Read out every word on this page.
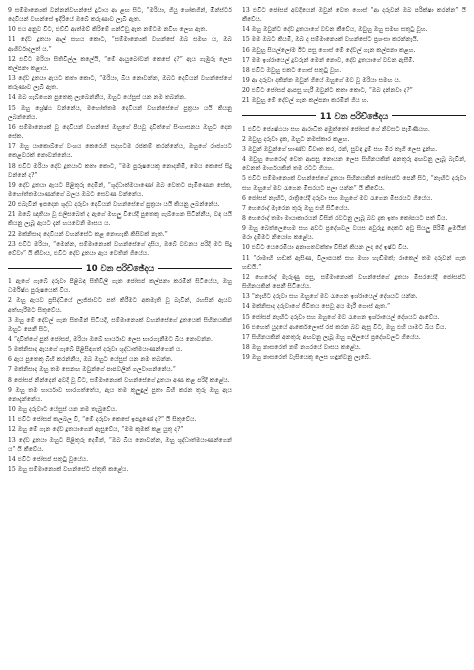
9 සම්මාන්‍යෙක් වන්නන්වහන්සේ දුටාය ආ ළඟ සිට, “මරියා, ගියු ශෝකගින්, මින්ස්ටර් දෙවියන් වහන්සේ ඉදිරියේ ඔබේ කරුණාව ලැබී ඇත.

10 එය අනුව විට, එච්ඩි ආත්මව් කිරිමේ ගන්ට්ඩු ඇත නම්ටම නවිහ ලෙහ ඇත.

11 දේව දූතයා ආල් සහය කොට, “සම්මාන්‍යෙක් වහන්සේ ඔබ සමඟ ය, ඔබ ආශිර්වාදලත් ය.”

12 එවිට මරියා සිතිවිල්ල කලේයි, “මේ ආයුබෝවන් කෙසේ ද?” ඇය ගැඹුරු ලෙස කල්පනා කළාය.

13 දේව දූතයා ඇයට කතා කොට, “මරියා, බිය නොවන්න, ඔබට දෙවියන් වහන්සේගේ කරුණාව ලැබී ඇත.

14 ඔබ ගැබ්ගෙන පුතෙකු ලැබෙන්නීය, ඔහුට යේසුස් යන නම තබන්න.

15 ඔහු ශ්‍රේෂ්ඨ වන්නේය, මහෝත්තම දෙවියන් වහන්සේගේ පුත්‍රයා යයි කියනු ලබන්නේය.

16 සම්මාන්‍යෙක් වූ දෙවියන් වහන්සේ ඔහුගේ පියවූ දාවිත්ගේ සිංහාසනය ඔහුට දෙන සේක.

17 ඔහු යාකොබ්ගේ වංශය කෙරෙහි සදහටම රජකම් කරන්නේය, ඔහුගේ රාජ්‍යයට කෙළවරක් නොවන්නේය.

18 එවිට මරියා දේව දූතයාට කතා කොට, “මම පුරුෂයෙකු නොදනිමි, මෙය කෙසේ සිදු වන්නේ ද?”

19 දේව දූතයා ඇයට පිළිතුරු දෙමින්, “ශුද්ධාත්මයාණෝ ඔබ වෙතට පැමිණෙන සේක, මහෝත්තමයාණන්ගේ බලය ඔබට සෙවණ වන්නේය.

20 එබැවින් ඉපදෙන ශුද්ධ දරුවා දෙවියන් වහන්සේගේ පුත්‍රයා යයි කියනු ලබන්නේය.

21 ඔබේ ඥාතියා වූ එලිසබෙත් ද ඇගේ මහලු වියේදී පුතෙකු ගැබ්ගෙන සිටින්නීය, වඳ යයි කියනු ලැබූ ඇයට දැන් හයවෙනි මාසය ය.

22 මක්නිසාද දෙවියන් වහන්සේට කළ නොහැකි කිසිවක් නැත.”

23 එවිට මරියා, “මෙන්න, සම්මාන්‍යෙක් වහන්සේගේ දාසිය, ඔබේ වචනය පරිදි මට සිදු වේවා” යි කීවාය, එවිට දේව දූතයා ඇය වෙතින් ගියේය.

10 වන පරිච්ඡේදය

1 ඇගේ ගැබේ දරුවා පිළිබඳ සිතිවිලි ගැන ජෝසප් කල්පනා කරමින් සිටියේය, ඔහු ධර්මිෂ්ඨ පුරුෂයෙක් විය.

2 ඔහු ඇයව ප්‍රසිද්ධියේ ලැජ්ජාවට පත් කිරීමට අකමැති වූ බැවින්, රහසින් ඇයව අත්හැරීමට සිතුවේය.

3 ඔහු මේ දේවල් ගැන සිතමින් සිටියදී, සම්මාන්‍යෙක් වහන්සේගේ දූතයෙක් සිහිනයකින් ඔහුට පෙනී සිට,

4 “දාවිත්ගේ පුත් ජෝසප්, මරියා ඔබේ භාර්යාව ලෙස භාරගැනීමට බිය නොවන්න.

5 මක්නිසාද ඇයගේ ගැබේ පිළිසිඳගත් දරුවා ශුද්ධාත්මයාණන්ගෙන් ය.

6 ඇය පුතෙකු බිහි කරන්නීය, ඔබ ඔහුට යේසුස් යන නම තබන්න.

7 මක්නිසාද ඔහු තම සෙනඟ ඔවුන්ගේ පාපවලින් ගලවාගන්නේය.”

8 ජෝසප් නින්දෙන් අවදි වූ විට, සම්මාන්‍යෙක් වහන්සේගේ දූතයා අණ කළ පරිදි කළේය.

9 ඔහු තම භාර්යාව භාරගත්තේය, ඇය තම කුලුඳුල් පුතා බිහි කරන තුරු ඔහු ඇය නොදැන්නේය.

10 ඔහු දරුවාට යේසුස් යන නම තැබුවේය.

11 එවිට ජෝසප් කලබල වී, “මේ දරුවා කෙසේ ඉපදුණේ ද?” යි සිතුවේය.

12 ඔහු මේ ගැන දේව දූතයාගෙන් ඇසුවේය, “මම කුමක් කළ යුතු ද?”

13 දේව දූතයා ඔහුට පිළිතුරු දෙමින්, “ඔබ බිය නොවන්න, ඔහු ශුද්ධාත්මයාණන්ගෙන් ය” යි කීවේය.

14 එවිට ජෝසප් සතුටු වූයේය.

15 ඔහු සම්මාන්‍යෙක් වහන්සේට ස්තුති කළේය.

13 එවිට ජෝසප් අවදියෙන් ඔවුන් වෙත ගොස් “ආ දරුවන් ඔබ පරික්ෂා කරන්න” යි කීවේය.

14 ඔහු ඔවුන්ට දේව දූතයාගේ වචන කීවේය, ඔවුහු ඔහු සමඟ සතුටු වූහ.

15 මම ඔබට කියමි, ඔබ ද සම්මාන්‍යෙක් වහන්සේට ප්‍රශංසා කරන්නැයි.

16 ඔවුහු සියල්ලෝම ඊට පසු ගොස් මේ දේවල් ගැන කල්පනා කළහ.

17 මම ඉශ්රායෙල් දූවරුන් මෙන් නොව, දේව දූතයාගේ වචන ඇසීමි.

18 එවිට ඔවුහු එකට ගොස් සතුටු වූහ.

19 ආ දරුවා දකින්න ඔවුන් ගියේ ඔහුගේ මව වූ මරියා සමඟ ය.

20 එවිට ජෝසප් ආපසු හැරී ඔවුන්ට කතා කොට, “ඔබ දන්නවා ද?”

21 ඔවුහු මේ දේවල් ගැන කල්පනා කරමින් ගිය හ.

11 වන පරිච්ඡේදය

1 එවිට ජ්‍යෙෂ්ඨයා සහ ආරාධිත අමුත්තෝ ජෝසප් ගේ නිවසට පැමිණියහ.

2 ඔවුහු දරුවා දැක, ඔහුට නමස්කාර කළහ.

3 ඔවුන් ඔවුන්ගේ භාණ්ඩ විවෘත කර, රන්, සුවඳ දුම් සහ මීර තෑගි ලෙස දුන්හ.

4 ඔවුහු හෙරොද් වෙත ආපසු නොයන ලෙස සිහිනයකින් අනතුරු අඟවනු ලැබූ බැවින්, වෙනත් මාර්ගයකින් තම රටට ගියහ.

5 එවිට සම්මාන්‍යෙක් වහන්සේගේ දූතයා සිහිනයකින් ජෝසප්ට පෙනී සිට, “නැඟිට දරුවා සහ ඔහුගේ මව රැගෙන මිසරයට පලා යන්න” යි කීවේය.

6 ජෝසප් නැඟිට, රාත්‍රියේදී දරුවා සහ ඔහුගේ මව රැගෙන මිසරයට ගියේය.

7 හෙරොද් මැරෙන තුරු ඔහු එහි සිටියේය.

8 හෙරොද් තමා මායාකාරයන් විසින් රවටනු ලැබූ බව දැක ඉතා කෝපයට පත් විය.

9 ඔහු බෙත්ලෙහෙම සහ අවට ප්‍රදේශවල වයස අවුරුදු දෙකට අඩු සියලු පිරිමි ළමයින් මරා දැමීමට නියෝග කළේය.

10 එවිට යෙරෙමියා අනාගතවක්තෘ විසින් කියන ලද දේ ඉෂ්ට විය.

11 “රාමාහි හඬක් ඇසිණ, විලාපයක් සහ මහා හැඬීමක්; රාකෙල් තම දරුවන් ගැන හඬයි.”

12 හෙරොද් මැරුණු පසු, සම්මාන්‍යෙක් වහන්සේගේ දූතයා මිසරයේදී ජෝසප්ට සිහිනයකින් පෙනී සිටියේය.

13 “නැඟිට දරුවා සහ ඔහුගේ මව රැගෙන ඉශ්රායෙල් දේශයට යන්න.

14 මක්නිසාද දරුවාගේ ජීවිතය සෙවූ අය මැරී ගොස් ඇත.”

15 ජෝසප් නැඟිට දරුවා සහ ඔහුගේ මව රැගෙන ඉශ්රායෙල් දේශයට ආවේය.

16 එහෙත් යුදයේ ආර්කෙලෞස් රජ කරන බව ඇසූ විට, ඔහු එහි යාමට බිය විය.

17 සිහිනයකින් අනතුරු අඟවනු ලැබූ ඔහු ගලීලයේ ප්‍රදේශවලට ගියේය.

18 ඔහු නාසරෙත් නම් නගරයේ වාසය කළේය.

19 ඔහු නාසරෙත් වැසියෙකු ලෙස හඳුන්වනු ලැබේ.
